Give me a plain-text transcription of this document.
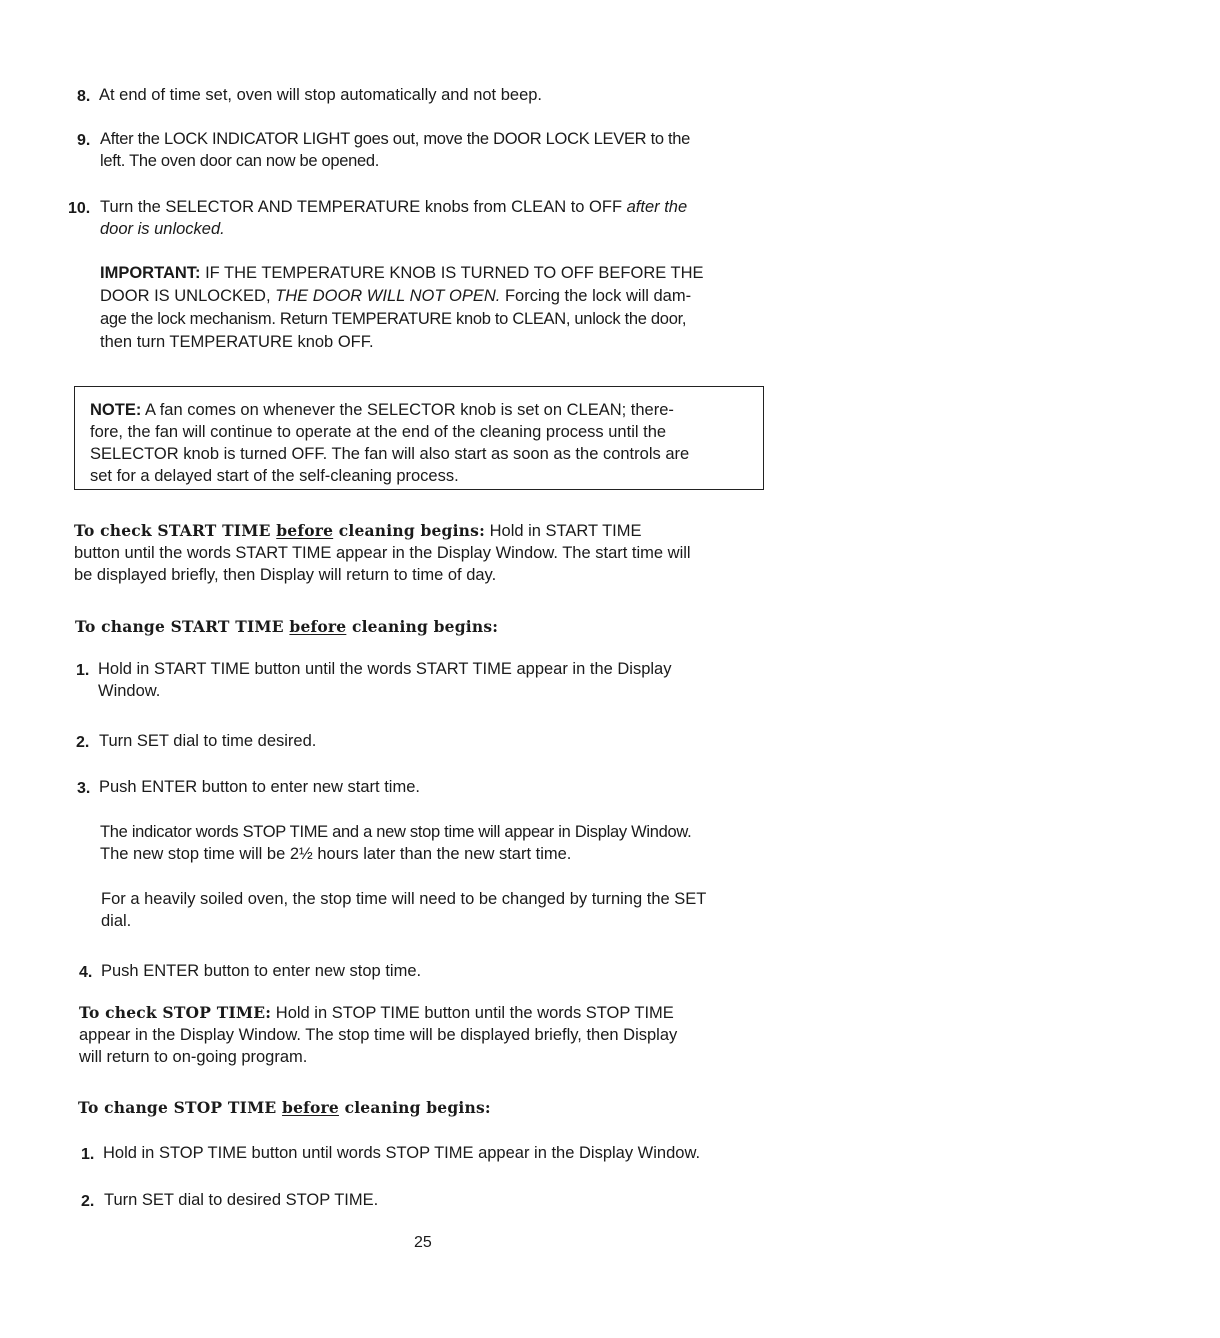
8. At end of time set, oven will stop automatically and not beep.
9. After the LOCK INDICATOR LIGHT goes out, move the DOOR LOCK LEVER to the
left. The oven door can now be opened.
10. Turn the SELECTOR AND TEMPERATURE knobs from CLEAN to OFF after the
door is unlocked.
IMPORTANT: IF THE TEMPERATURE KNOB IS TURNED TO OFF BEFORE THE
DOOR IS UNLOCKED, THE DOOR WILL NOT OPEN. Forcing the lock will dam-
age the lock mechanism. Return TEMPERATURE knob to CLEAN, unlock the door,
then turn TEMPERATURE knob OFF.
NOTE: A fan comes on whenever the SELECTOR knob is set on CLEAN; there-
fore, the fan will continue to operate at the end of the cleaning process until the
SELECTOR knob is turned OFF. The fan will also start as soon as the controls are
set for a delayed start of the self-cleaning process.
To check START TIME before cleaning begins: Hold in START TIME
button until the words START TIME appear in the Display Window. The start time will
be displayed briefly, then Display will return to time of day.
To change START TIME before cleaning begins:
1. Hold in START TIME button until the words START TIME appear in the Display
Window.
2. Turn SET dial to time desired.
3. Push ENTER button to enter new start time.
The indicator words STOP TIME and a new stop time will appear in Display Window.
The new stop time will be 2½ hours later than the new start time.
For a heavily soiled oven, the stop time will need to be changed by turning the SET
dial.
4. Push ENTER button to enter new stop time.
To check STOP TIME: Hold in STOP TIME button until the words STOP TIME
appear in the Display Window. The stop time will be displayed briefly, then Display
will return to on-going program.
To change STOP TIME before cleaning begins:
1. Hold in STOP TIME button until words STOP TIME appear in the Display Window.
2. Turn SET dial to desired STOP TIME.
25
